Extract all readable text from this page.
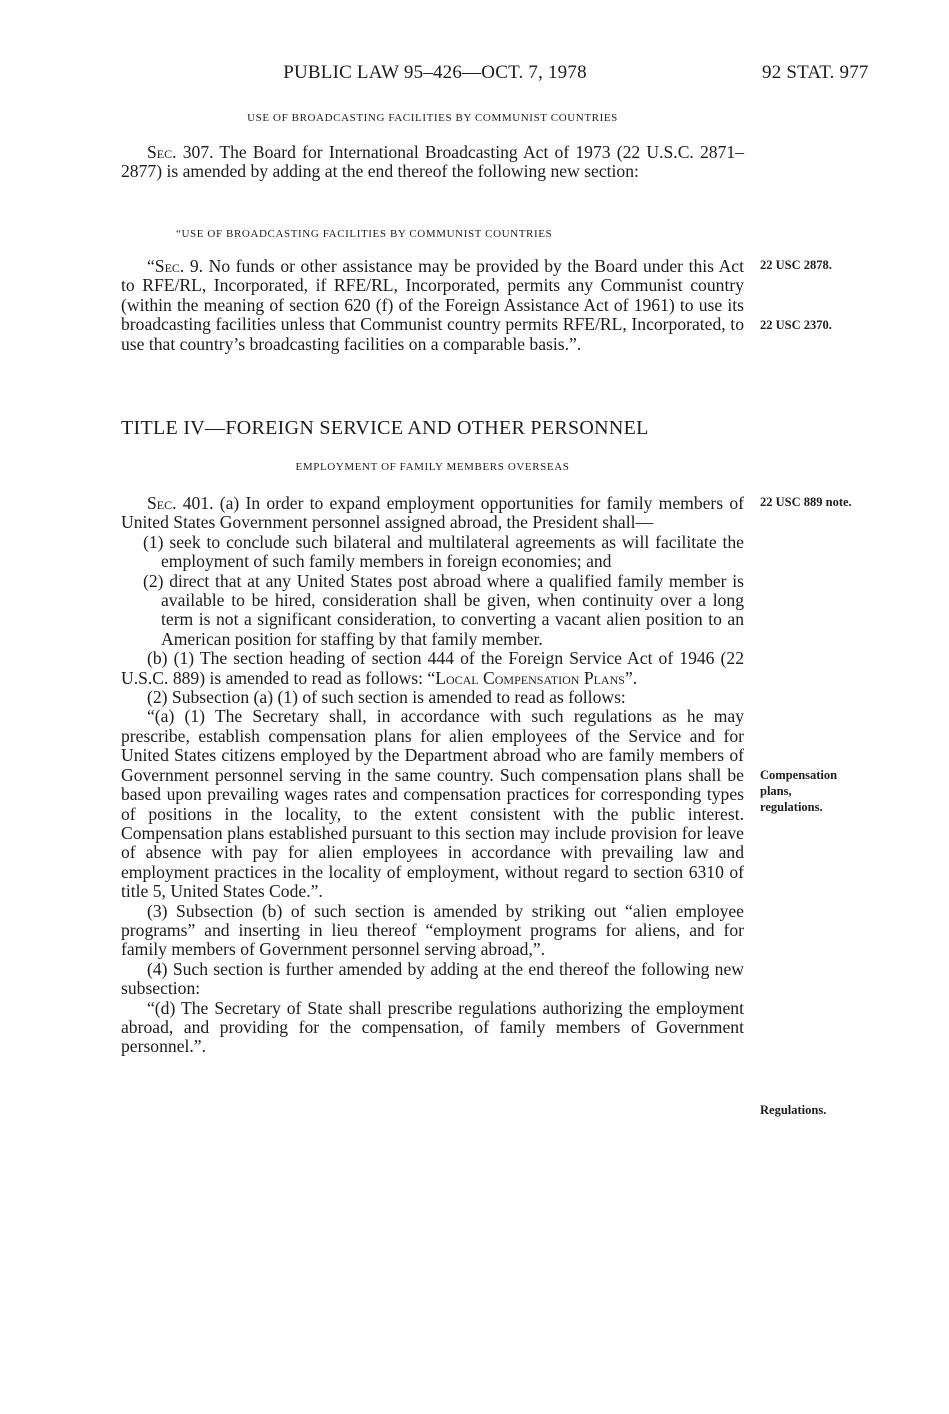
PUBLIC LAW 95–426—OCT. 7, 1978	92 STAT. 977
USE OF BROADCASTING FACILITIES BY COMMUNIST COUNTRIES

Sec. 307. The Board for International Broadcasting Act of 1973 (22 U.S.C. 2871–2877) is amended by adding at the end thereof the following new section:

“USE OF BROADCASTING FACILITIES BY COMMUNIST COUNTRIES

“Sec. 9. No funds or other assistance may be provided by the Board under this Act to RFE/RL, Incorporated, if RFE/RL, Incorporated, permits any Communist country (within the meaning of section 620 (f) of the Foreign Assistance Act of 1961) to use its broadcasting facilities unless that Communist country permits RFE/RL, Incorporated, to use that country’s broadcasting facilities on a comparable basis.”.

22 USC 2878.
22 USC 2370.
TITLE IV—FOREIGN SERVICE AND OTHER PERSONNEL
EMPLOYMENT OF FAMILY MEMBERS OVERSEAS

Sec. 401. (a) In order to expand employment opportunities for family members of United States Government personnel assigned abroad, the President shall—

(1) seek to conclude such bilateral and multilateral agreements as will facilitate the employment of such family members in foreign economies; and

(2) direct that at any United States post abroad where a qualified family member is available to be hired, consideration shall be given, when continuity over a long term is not a significant consideration, to converting a vacant alien position to an American position for staffing by that family member.

(b) (1) The section heading of section 444 of the Foreign Service Act of 1946 (22 U.S.C. 889) is amended to read as follows: “Local Compensation Plans”.

(2) Subsection (a) (1) of such section is amended to read as follows:

“(a) (1) The Secretary shall, in accordance with such regulations as he may prescribe, establish compensation plans for alien employees of the Service and for United States citizens employed by the Department abroad who are family members of Government personnel serving in the same country. Such compensation plans shall be based upon prevailing wages rates and compensation practices for corresponding types of positions in the locality, to the extent consistent with the public interest. Compensation plans established pursuant to this section may include provision for leave of absence with pay for alien employees in accordance with prevailing law and employment practices in the locality of employment, without regard to section 6310 of title 5, United States Code.”.

(3) Subsection (b) of such section is amended by striking out “alien employee programs” and inserting in lieu thereof “employment programs for aliens, and for family members of Government personnel serving abroad,”.

(4) Such section is further amended by adding at the end thereof the following new subsection:

“(d) The Secretary of State shall prescribe regulations authorizing the employment abroad, and providing for the compensation, of family members of Government personnel.”.

22 USC 889 note.
Compensation
plans,
regulations.
Regulations.
